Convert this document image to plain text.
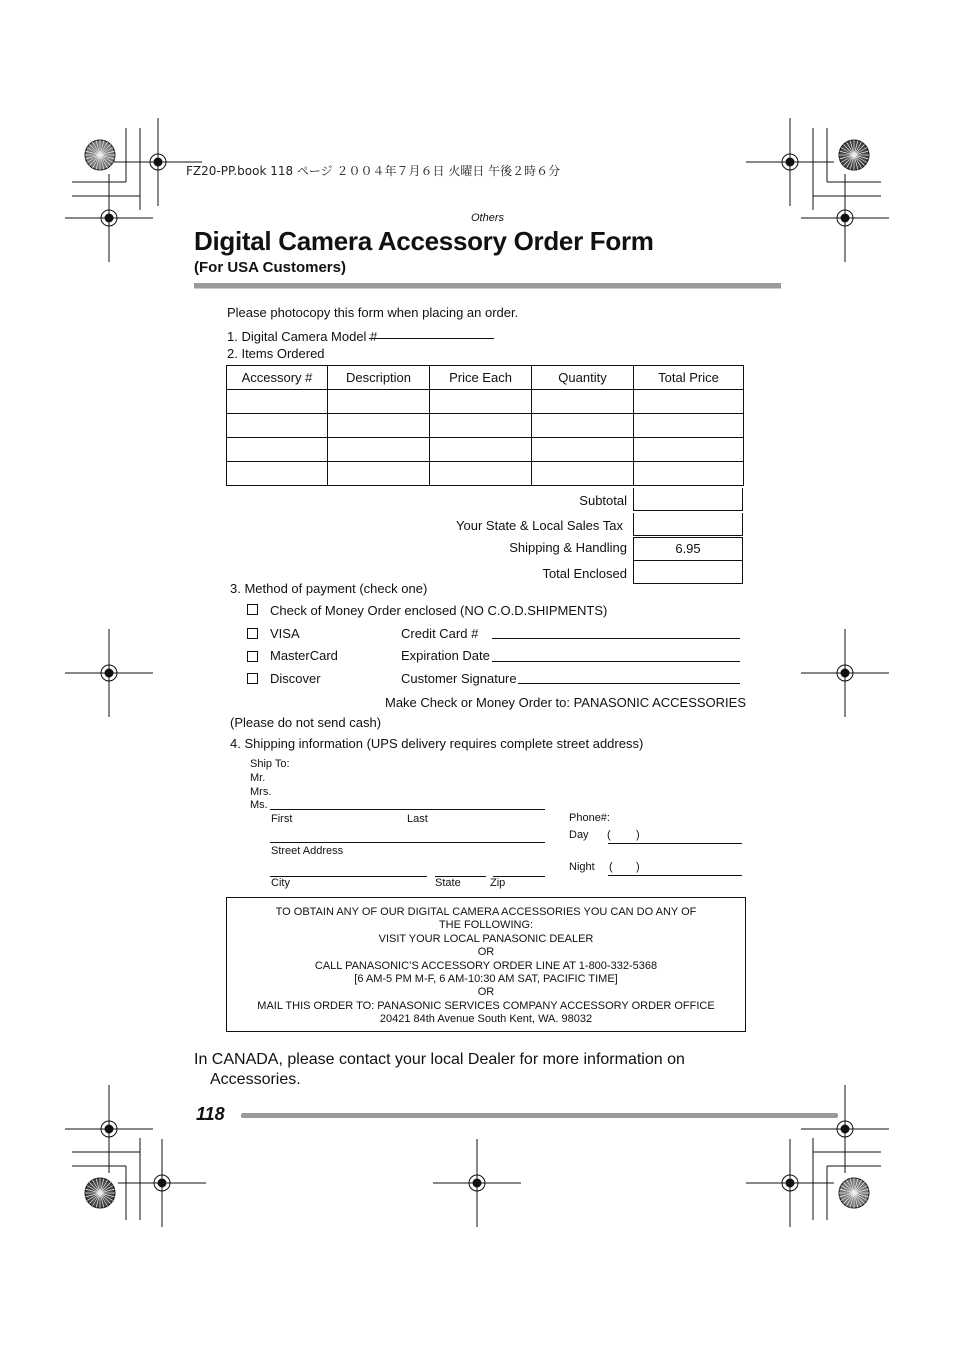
FZ20-PP.book 118 ページ ２００４年７月６日 火曜日 午後２時６分
Others
Digital Camera Accessory Order Form
(For USA Customers)
Please photocopy this form when placing an order.
1. Digital Camera Model #
2. Items Ordered
Accessory #	Description	Price Each	Quantity	Total Price

Subtotal
Your State & Local Sales Tax
Shipping & Handling	6.95
Total Enclosed
3. Method of payment (check one)
Check of Money Order enclosed (NO C.O.D.SHIPMENTS)
VISA	Credit Card #
MasterCard	Expiration Date
Discover	Customer Signature
Make Check or Money Order to: PANASONIC ACCESSORIES
(Please do not send cash)
4. Shipping information (UPS delivery requires complete street address)
Ship To:
Mr.
Mrs.
Ms.
First	Last
Street Address
City	State	Zip
Phone#:
Day ( )
Night ( )
TO OBTAIN ANY OF OUR DIGITAL CAMERA ACCESSORIES YOU CAN DO ANY OF
THE FOLLOWING:
VISIT YOUR LOCAL PANASONIC DEALER
OR
CALL PANASONIC’S ACCESSORY ORDER LINE AT 1-800-332-5368
[6 AM-5 PM M-F, 6 AM-10:30 AM SAT, PACIFIC TIME]
OR
MAIL THIS ORDER TO: PANASONIC SERVICES COMPANY ACCESSORY ORDER OFFICE
20421 84th Avenue South Kent, WA. 98032
In CANADA, please contact your local Dealer for more information on
Accessories.
118
